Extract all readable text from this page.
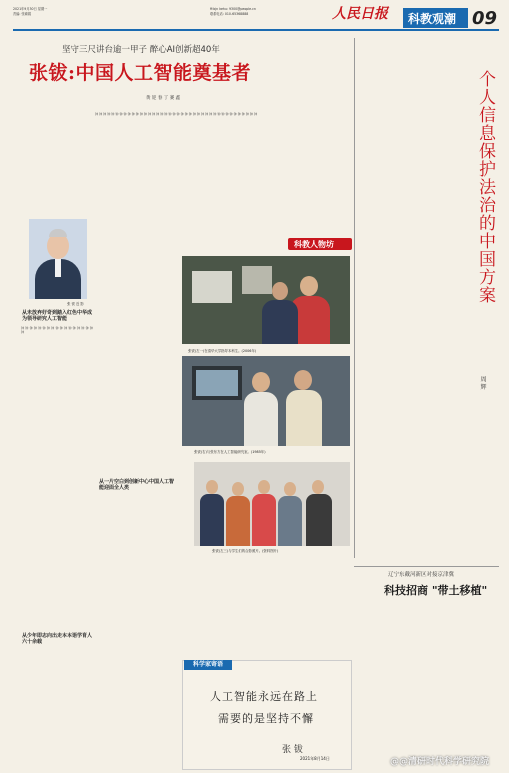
2021年9月30日 星期一
责编: 张瑜娟
ff:bjn kehu: 9300@people.cn
联系电话: 010-65368888	人民日报 科教观潮 09
坚守三尺讲台逾一甲子 醉心AI创新超40年
张钹:中国人工智能奠基者
黄 迎 春 丁 赛 鑫
钟 钟 钟 钟 钟 钟 钟 钟 钟 钟 钟 钟 钟 钟 钟 钟 钟 钟 钟 钟 钟 钟 钟 钟 钟 钟 钟 钟 钟 钟 钟 钟 钟 钟 钟 钟 钟 钟 钟 钟
张 钹 近 影
从未放弃好奇到踏入红色中华成为领导研究人工智能
钟 钟 钟 钟 钟 钟 钟 钟 钟 钟 钟 钟 钟 钟 钟 钟 钟 钟
从少年即志向出走本本语学育人六十余载
从一片空白到创新中心中国人工智能迎面全人类
科教人物坊
张钹(左一)在清华大学指导本科生。(2006年)
张钹(右)与张东方在人工智能研究室。(1985年)
张钹(左三)与学生们的合影照片。(资料图片)
科学家寄语
人工智能永远在路上
需要的是坚持不懈
张 钹
2021年8月14日
个人信息保护法治的中国方案
周 辉
辽宁东戴河新区对接京津冀
科技招商 "带土移植"
@@清研时代科学研究院
